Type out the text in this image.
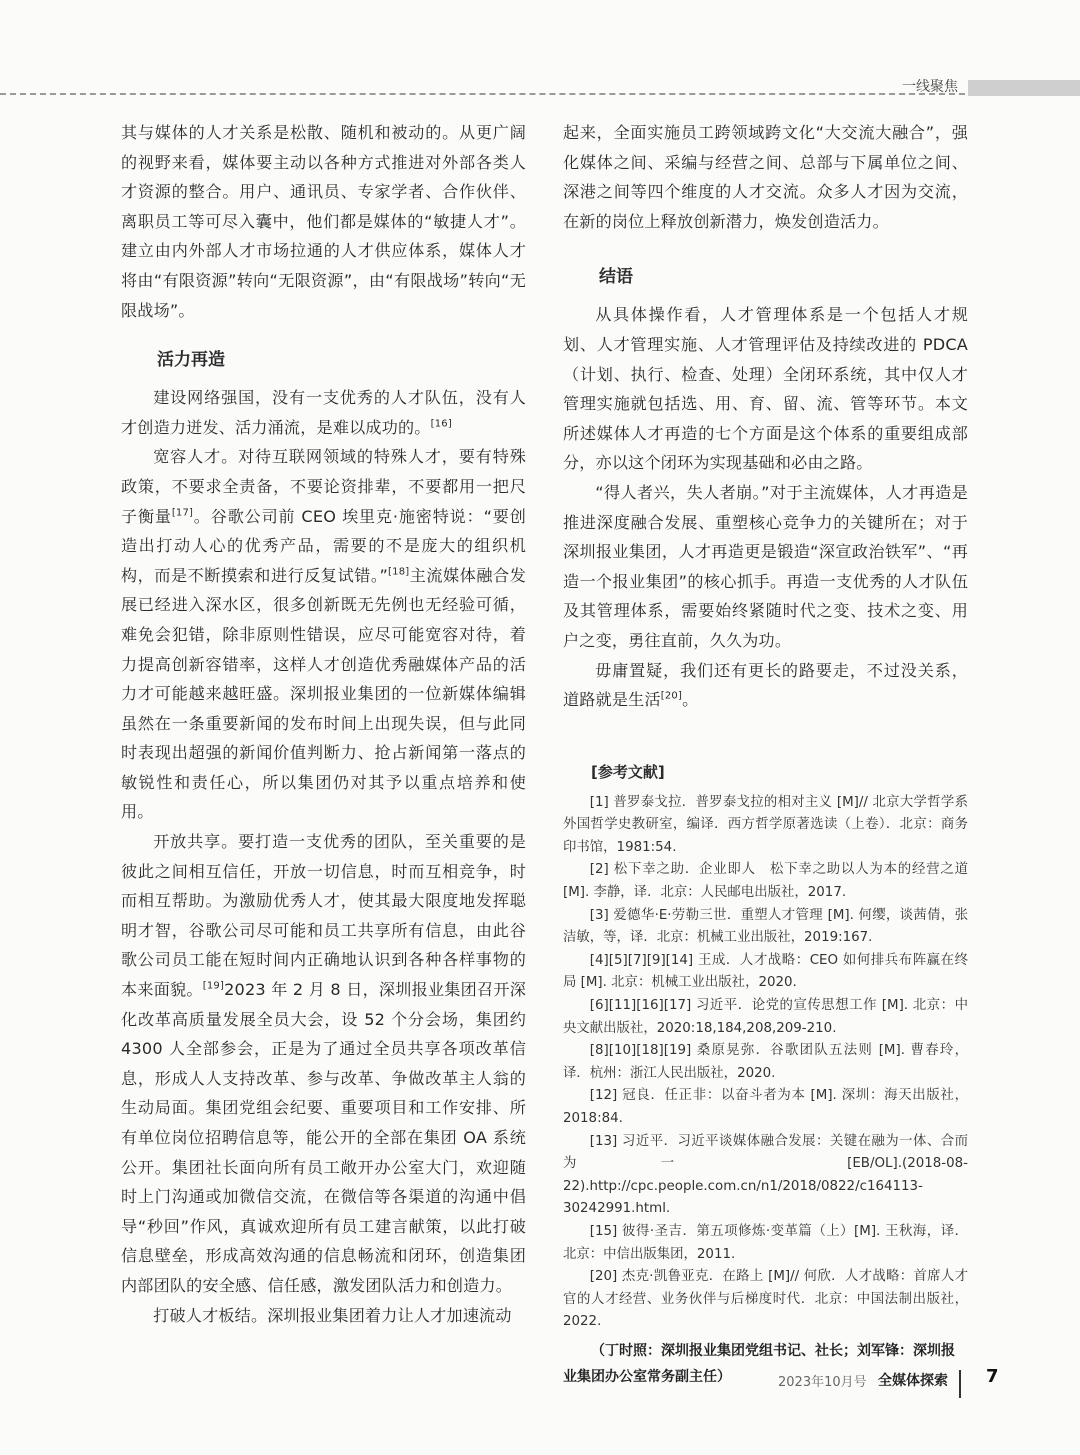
一线聚焦

其与媒体的人才关系是松散、随机和被动的。从更广阔的视野来看，媒体要主动以各种方式推进对外部各类人才资源的整合。用户、通讯员、专家学者、合作伙伴、离职员工等可尽入囊中，他们都是媒体的“敏捷人才”。建立由内外部人才市场拉通的人才供应体系，媒体人才将由“有限资源”转向“无限资源”，由“有限战场”转向“无限战场”。

活力再造

建设网络强国，没有一支优秀的人才队伍，没有人才创造力迸发、活力涌流，是难以成功的。[16]

宽容人才。对待互联网领域的特殊人才，要有特殊政策，不要求全责备，不要论资排辈，不要都用一把尺子衡量[17]。谷歌公司前 CEO 埃里克·施密特说：“要创造出打动人心的优秀产品，需要的不是庞大的组织机构，而是不断摸索和进行反复试错。”[18]主流媒体融合发展已经进入深水区，很多创新既无先例也无经验可循，难免会犯错，除非原则性错误，应尽可能宽容对待，着力提高创新容错率，这样人才创造优秀融媒体产品的活力才可能越来越旺盛。深圳报业集团的一位新媒体编辑虽然在一条重要新闻的发布时间上出现失误，但与此同时表现出超强的新闻价值判断力、抢占新闻第一落点的敏锐性和责任心，所以集团仍对其予以重点培养和使用。

开放共享。要打造一支优秀的团队，至关重要的是彼此之间相互信任，开放一切信息，时而互相竞争，时而相互帮助。为激励优秀人才，使其最大限度地发挥聪明才智，谷歌公司尽可能和员工共享所有信息，由此谷歌公司员工能在短时间内正确地认识到各种各样事物的本来面貌。[19]2023 年 2 月 8 日，深圳报业集团召开深化改革高质量发展全员大会，设 52 个分会场，集团约 4300 人全部参会，正是为了通过全员共享各项改革信息，形成人人支持改革、参与改革、争做改革主人翁的生动局面。集团党组会纪要、重要项目和工作安排、所有单位岗位招聘信息等，能公开的全部在集团 OA 系统公开。集团社长面向所有员工敞开办公室大门，欢迎随时上门沟通或加微信交流，在微信等各渠道的沟通中倡导“秒回”作风，真诚欢迎所有员工建言献策，以此打破信息壁垒，形成高效沟通的信息畅流和闭环，创造集团内部团队的安全感、信任感，激发团队活力和创造力。

打破人才板结。深圳报业集团着力让人才加速流动

起来，全面实施员工跨领域跨文化“大交流大融合”，强化媒体之间、采编与经营之间、总部与下属单位之间、深港之间等四个维度的人才交流。众多人才因为交流，在新的岗位上释放创新潜力，焕发创造活力。

结语

从具体操作看，人才管理体系是一个包括人才规划、人才管理实施、人才管理评估及持续改进的 PDCA（计划、执行、检查、处理）全闭环系统，其中仅人才管理实施就包括选、用、育、留、流、管等环节。本文所述媒体人才再造的七个方面是这个体系的重要组成部分，亦以这个闭环为实现基础和必由之路。

“得人者兴，失人者崩。”对于主流媒体，人才再造是推进深度融合发展、重塑核心竞争力的关键所在；对于深圳报业集团，人才再造更是锻造“深宣政治铁军”、“再造一个报业集团”的核心抓手。再造一支优秀的人才队伍及其管理体系，需要始终紧随时代之变、技术之变、用户之变，勇往直前，久久为功。

毋庸置疑，我们还有更长的路要走，不过没关系，道路就是生活[20]。

[参考文献]

[1] 普罗泰戈拉．普罗泰戈拉的相对主义 [M]// 北京大学哲学系外国哲学史教研室，编译．西方哲学原著选读（上卷）．北京：商务印书馆，1981:54.

[2] 松下幸之助．企业即人　松下幸之助以人为本的经营之道 [M]. 李静，译．北京：人民邮电出版社，2017.

[3] 爱德华·E·劳勒三世．重塑人才管理 [M]. 何缨，谈茜倩，张洁敏，等，译．北京：机械工业出版社，2019:167.

[4][5][7][9][14] 王成．人才战略：CEO 如何排兵布阵赢在终局 [M]. 北京：机械工业出版社，2020.

[6][11][16][17] 习近平．论党的宣传思想工作 [M]. 北京：中央文献出版社，2020:18,184,208,209-210.

[8][10][18][19] 桑原晃弥．谷歌团队五法则 [M]. 曹春玲，译．杭州：浙江人民出版社，2020.

[12] 冠良．任正非：以奋斗者为本 [M]. 深圳：海天出版社，2018:84.

[13] 习近平．习近平谈媒体融合发展：关键在融为一体、合而为一 [EB/OL].(2018-08-22).http://cpc.people.com.cn/n1/2018/0822/c164113-30242991.html.

[15] 彼得·圣吉．第五项修炼·变革篇（上）[M]. 王秋海，译．北京：中信出版集团，2011.

[20] 杰克·凯鲁亚克．在路上 [M]// 何欣．人才战略：首席人才官的人才经营、业务伙伴与后梯度时代．北京：中国法制出版社，2022.

（丁时照：深圳报业集团党组书记、社长；刘军锋：深圳报业集团办公室常务副主任）	2023年10月号 全媒体探索 7
